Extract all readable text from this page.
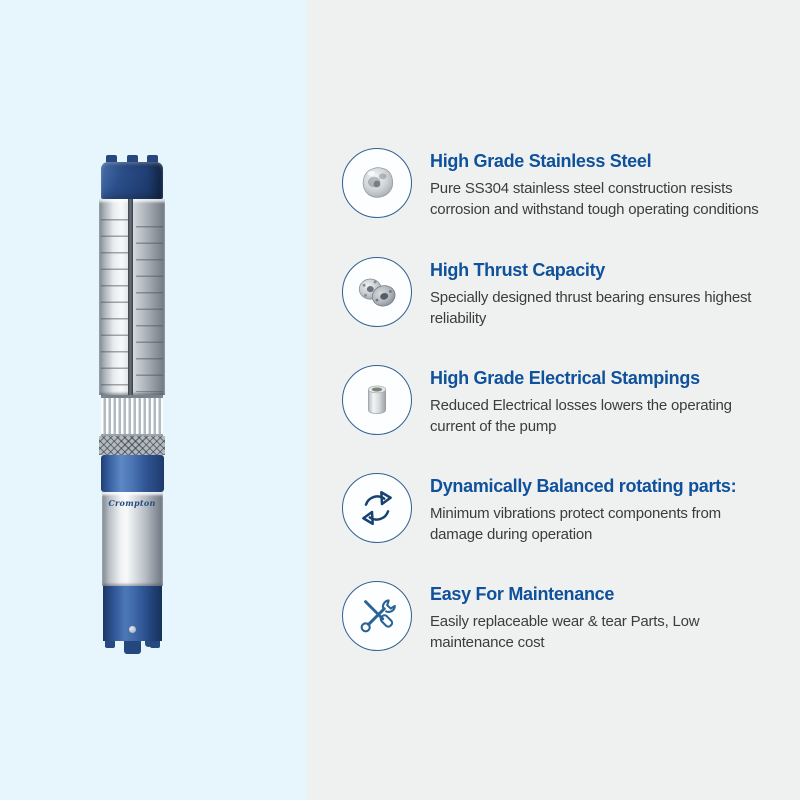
Crompton
High Grade Stainless Steel

Pure SS304 stainless steel construction resists corrosion and withstand tough operating conditions

High Thrust Capacity

Specially designed thrust bearing ensures highest reliability

High Grade Electrical Stampings

Reduced Electrical losses lowers the operating current of the pump

Dynamically Balanced rotating parts:

Minimum vibrations protect components from damage during operation

Easy For Maintenance

Easily replaceable wear & tear Parts, Low maintenance cost
